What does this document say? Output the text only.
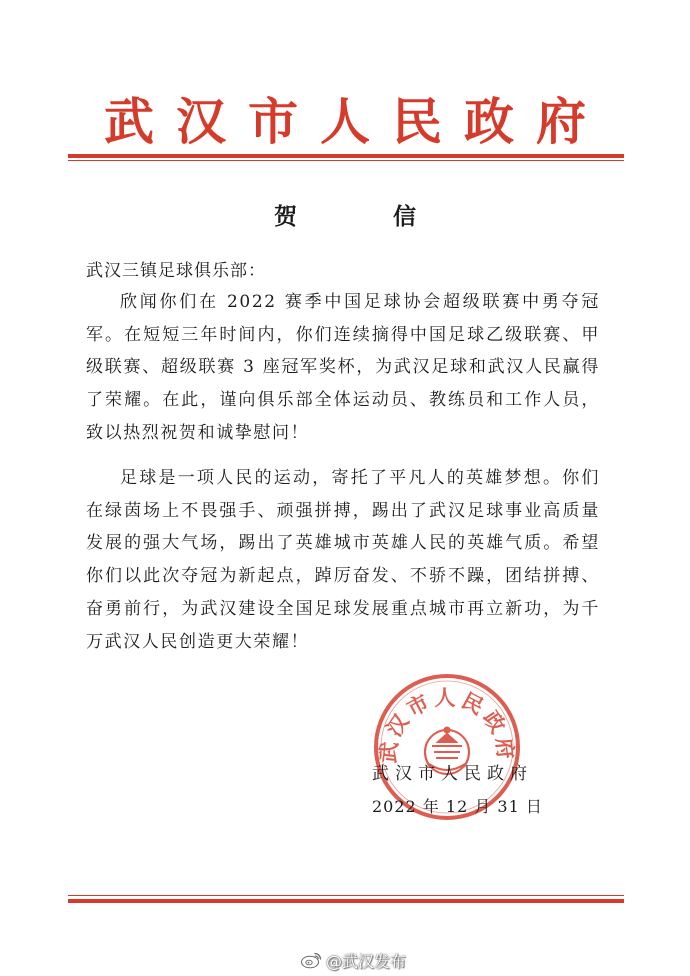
武汉市人民政府
贺 信
武汉三镇足球俱乐部：

欣闻你们在 2022 赛季中国足球协会超级联赛中勇夺冠军。在短短三年时间内，你们连续摘得中国足球乙级联赛、甲级联赛、超级联赛 3 座冠军奖杯，为武汉足球和武汉人民赢得了荣耀。在此，谨向俱乐部全体运动员、教练员和工作人员，致以热烈祝贺和诚挚慰问！

足球是一项人民的运动，寄托了平凡人的英雄梦想。你们在绿茵场上不畏强手、顽强拼搏，踢出了武汉足球事业高质量发展的强大气场，踢出了英雄城市英雄人民的英雄气质。希望你们以此次夺冠为新起点，踔厉奋发、不骄不躁，团结拼搏、奋勇前行，为武汉建设全国足球发展重点城市再立新功，为千万武汉人民创造更大荣耀！

武汉市人民政府
武汉市人民政府
2022 年 12 月 31 日
@武汉发布
